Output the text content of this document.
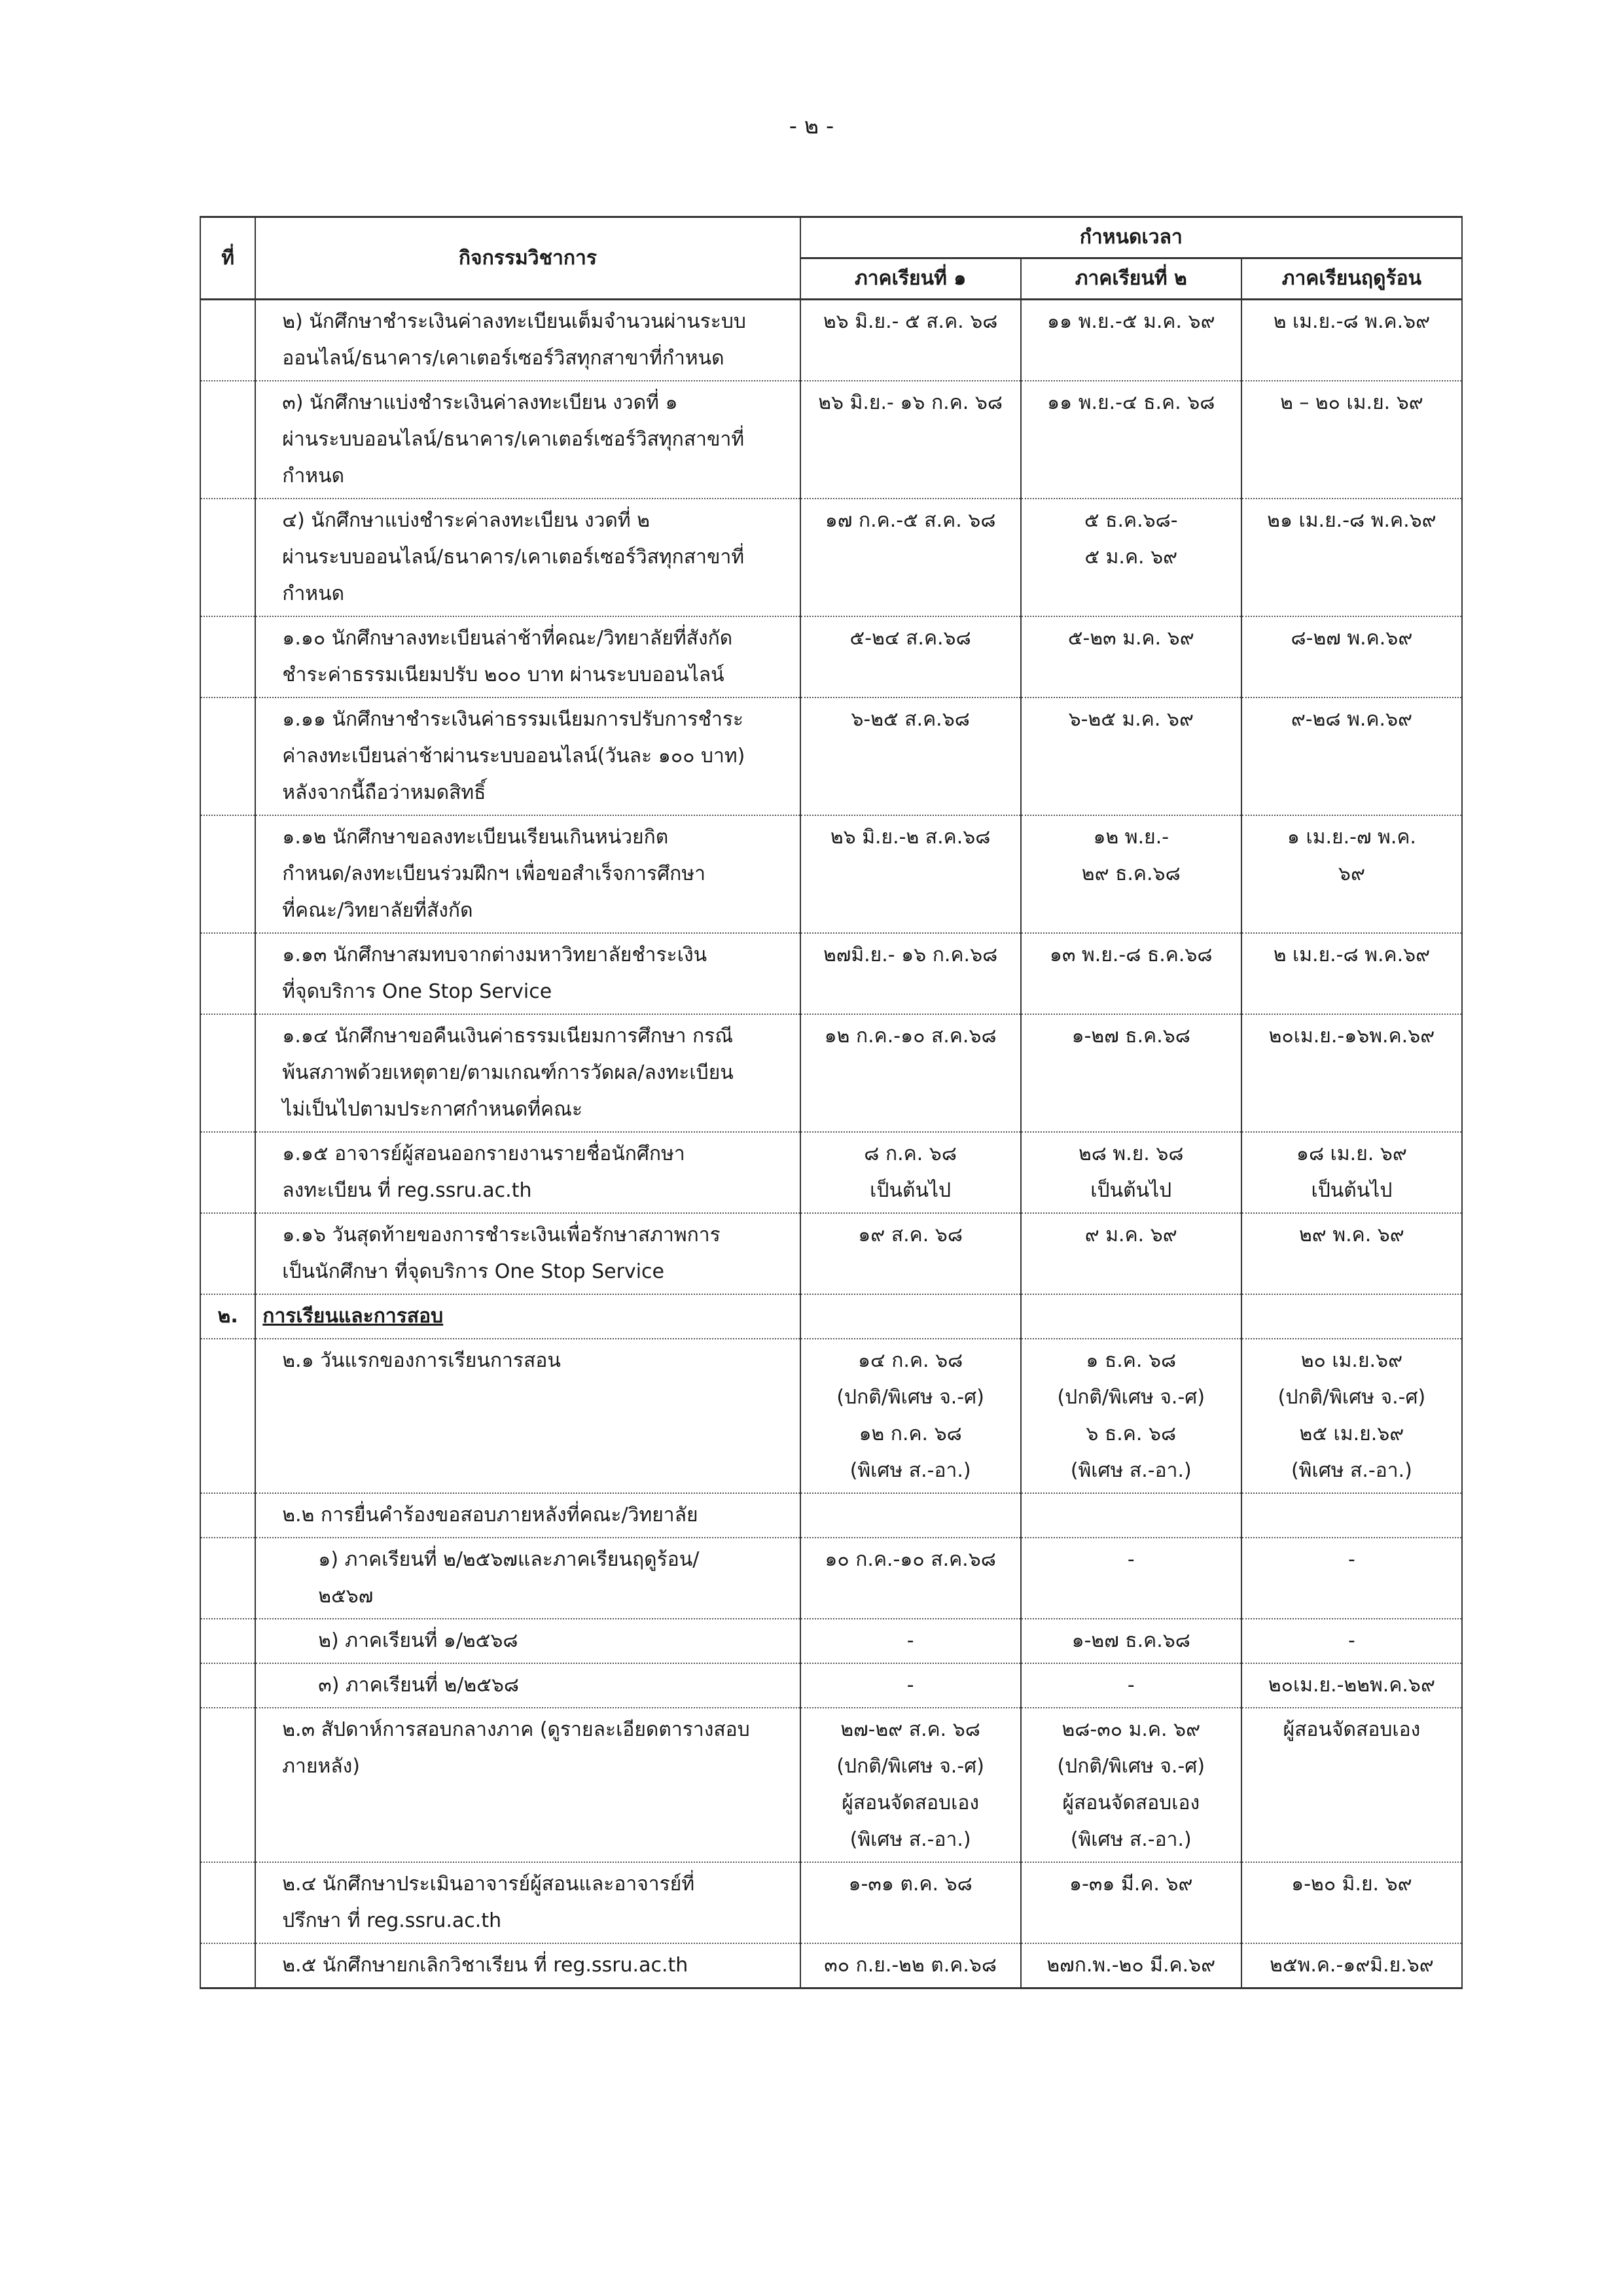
- ๒ -
ที่	กิจกรรมวิชาการ	กำหนดเวลา		
		ภาคเรียนที่ ๑	ภาคเรียนที่ ๒	ภาคเรียนฤดูร้อน

	๒) นักศึกษาชำระเงินค่าลงทะเบียนเต็มจำนวนผ่านระบบ
ออนไลน์/ธนาคาร/เคาเตอร์เซอร์วิสทุกสาขาที่กำหนด	๒๖ มิ.ย.- ๕ ส.ค. ๖๘	๑๑ พ.ย.-๕ ม.ค. ๖๙	๒ เม.ย.-๘ พ.ค.๖๙

	๓) นักศึกษาแบ่งชำระเงินค่าลงทะเบียน งวดที่ ๑
ผ่านระบบออนไลน์/ธนาคาร/เคาเตอร์เซอร์วิสทุกสาขาที่
กำหนด	๒๖ มิ.ย.- ๑๖ ก.ค. ๖๘	๑๑ พ.ย.-๔ ธ.ค. ๖๘	๒ – ๒๐ เม.ย. ๖๙

	๔) นักศึกษาแบ่งชำระค่าลงทะเบียน งวดที่ ๒
ผ่านระบบออนไลน์/ธนาคาร/เคาเตอร์เซอร์วิสทุกสาขาที่
กำหนด	๑๗ ก.ค.-๕ ส.ค. ๖๘	๕ ธ.ค.๖๘-
๕ ม.ค. ๖๙	๒๑ เม.ย.-๘ พ.ค.๖๙

	๑.๑๐ นักศึกษาลงทะเบียนล่าช้าที่คณะ/วิทยาลัยที่สังกัด
ชำระค่าธรรมเนียมปรับ ๒๐๐ บาท ผ่านระบบออนไลน์	๕-๒๔ ส.ค.๖๘	๕-๒๓ ม.ค. ๖๙	๘-๒๗ พ.ค.๖๙

	๑.๑๑ นักศึกษาชำระเงินค่าธรรมเนียมการปรับการชำระ
ค่าลงทะเบียนล่าช้าผ่านระบบออนไลน์(วันละ ๑๐๐ บาท)
หลังจากนี้ถือว่าหมดสิทธิ์	๖-๒๕ ส.ค.๖๘	๖-๒๕ ม.ค. ๖๙	๙-๒๘ พ.ค.๖๙

	๑.๑๒ นักศึกษาขอลงทะเบียนเรียนเกินหน่วยกิต
กำหนด/ลงทะเบียนร่วมฝึกฯ เพื่อขอสำเร็จการศึกษา
ที่คณะ/วิทยาลัยที่สังกัด	๒๖ มิ.ย.-๒ ส.ค.๖๘	๑๒ พ.ย.-
๒๙ ธ.ค.๖๘	๑ เม.ย.-๗ พ.ค.
๖๙

	๑.๑๓ นักศึกษาสมทบจากต่างมหาวิทยาลัยชำระเงิน
ที่จุดบริการ One Stop Service	๒๗มิ.ย.- ๑๖ ก.ค.๖๘	๑๓ พ.ย.-๘ ธ.ค.๖๘	๒ เม.ย.-๘ พ.ค.๖๙

	๑.๑๔ นักศึกษาขอคืนเงินค่าธรรมเนียมการศึกษา กรณี
พ้นสภาพด้วยเหตุตาย/ตามเกณฑ์การวัดผล/ลงทะเบียน
ไม่เป็นไปตามประกาศกำหนดที่คณะ	๑๒ ก.ค.-๑๐ ส.ค.๖๘	๑-๒๗ ธ.ค.๖๘	๒๐เม.ย.-๑๖พ.ค.๖๙

	๑.๑๕ อาจารย์ผู้สอนออกรายงานรายชื่อนักศึกษา
ลงทะเบียน ที่ reg.ssru.ac.th	๘ ก.ค. ๖๘
เป็นต้นไป	๒๘ พ.ย. ๖๘
เป็นต้นไป	๑๘ เม.ย. ๖๙
เป็นต้นไป

	๑.๑๖ วันสุดท้ายของการชำระเงินเพื่อรักษาสภาพการ
เป็นนักศึกษา ที่จุดบริการ One Stop Service	๑๙ ส.ค. ๖๘	๙ ม.ค. ๖๙	๒๙ พ.ค. ๖๙

๒.	การเรียนและการสอบ			

	๒.๑ วันแรกของการเรียนการสอน	๑๔ ก.ค. ๖๘
(ปกติ/พิเศษ จ.-ศ)
๑๒ ก.ค. ๖๘
(พิเศษ ส.-อา.)	๑ ธ.ค. ๖๘
(ปกติ/พิเศษ จ.-ศ)
๖ ธ.ค. ๖๘
(พิเศษ ส.-อา.)	๒๐ เม.ย.๖๙
(ปกติ/พิเศษ จ.-ศ)
๒๕ เม.ย.๖๙
(พิเศษ ส.-อา.)

	๒.๒ การยื่นคำร้องขอสอบภายหลังที่คณะ/วิทยาลัย			

	๑) ภาคเรียนที่ ๒/๒๕๖๗และภาคเรียนฤดูร้อน/
๒๕๖๗	๑๐ ก.ค.-๑๐ ส.ค.๖๘	-	-

	๒) ภาคเรียนที่ ๑/๒๕๖๘	-	๑-๒๗ ธ.ค.๖๘	-

	๓) ภาคเรียนที่ ๒/๒๕๖๘	-	-	๒๐เม.ย.-๒๒พ.ค.๖๙

	๒.๓ สัปดาห์การสอบกลางภาค (ดูรายละเอียดตารางสอบ
ภายหลัง)	๒๗-๒๙ ส.ค. ๖๘
(ปกติ/พิเศษ จ.-ศ)
ผู้สอนจัดสอบเอง
(พิเศษ ส.-อา.)	๒๘-๓๐ ม.ค. ๖๙
(ปกติ/พิเศษ จ.-ศ)
ผู้สอนจัดสอบเอง
(พิเศษ ส.-อา.)	ผู้สอนจัดสอบเอง

	๒.๔ นักศึกษาประเมินอาจารย์ผู้สอนและอาจารย์ที่
ปรึกษา ที่ reg.ssru.ac.th	๑-๓๑ ต.ค. ๖๘	๑-๓๑ มี.ค. ๖๙	๑-๒๐ มิ.ย. ๖๙

	๒.๕ นักศึกษายกเลิกวิชาเรียน ที่ reg.ssru.ac.th	๓๐ ก.ย.-๒๒ ต.ค.๖๘	๒๗ก.พ.-๒๐ มี.ค.๖๙	๒๕พ.ค.-๑๙มิ.ย.๖๙
